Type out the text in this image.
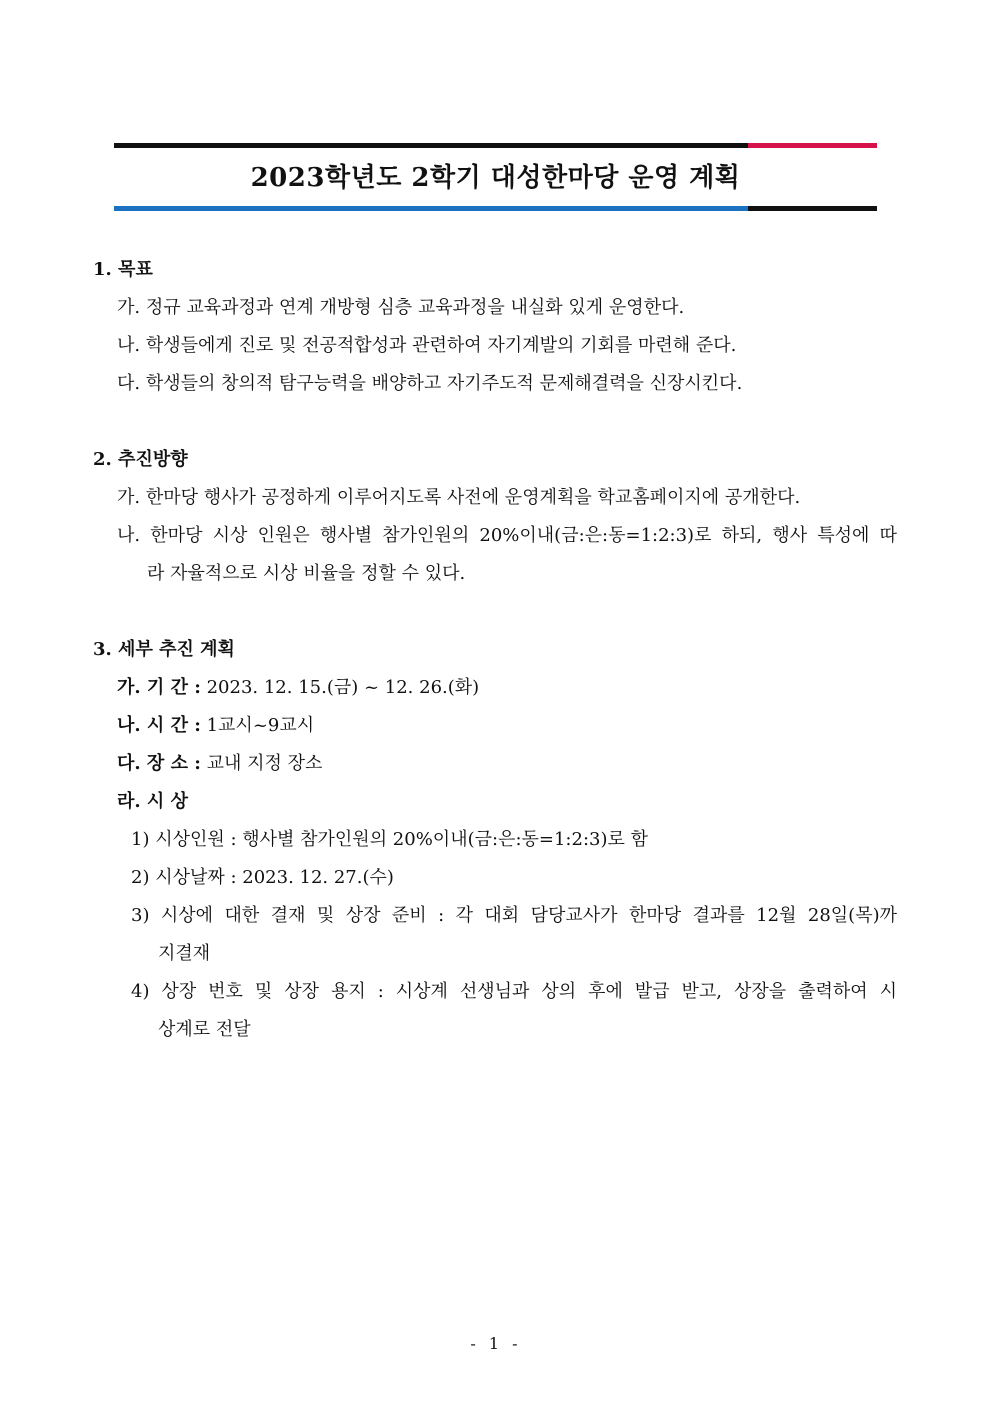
2023학년도 2학기 대성한마당 운영 계획
1. 목표
가. 정규 교육과정과 연계 개방형 심층 교육과정을 내실화 있게 운영한다.
나. 학생들에게 진로 및 전공적합성과 관련하여 자기계발의 기회를 마련해 준다.
다. 학생들의 창의적 탐구능력을 배양하고 자기주도적 문제해결력을 신장시킨다.
2. 추진방향
가. 한마당 행사가 공정하게 이루어지도록 사전에 운영계획을 학교홈페이지에 공개한다.
나. 한마당 시상 인원은 행사별 참가인원의 20%이내(금:은:동=1:2:3)로 하되, 행사 특성에 따
라 자율적으로 시상 비율을 정할 수 있다.
3. 세부 추진 계획
가. 기 간 : 2023. 12. 15.(금) ~ 12. 26.(화)
나. 시 간 : 1교시~9교시
다. 장 소 : 교내 지정 장소
라. 시 상
1) 시상인원 : 행사별 참가인원의 20%이내(금:은:동=1:2:3)로 함
2) 시상날짜 : 2023. 12. 27.(수)
3) 시상에 대한 결재 및 상장 준비 : 각 대회 담당교사가 한마당 결과를 12월 28일(목)까
지결재
4) 상장 번호 및 상장 용지 : 시상계 선생님과 상의 후에 발급 받고, 상장을 출력하여 시
상계로 전달
- 1 -
